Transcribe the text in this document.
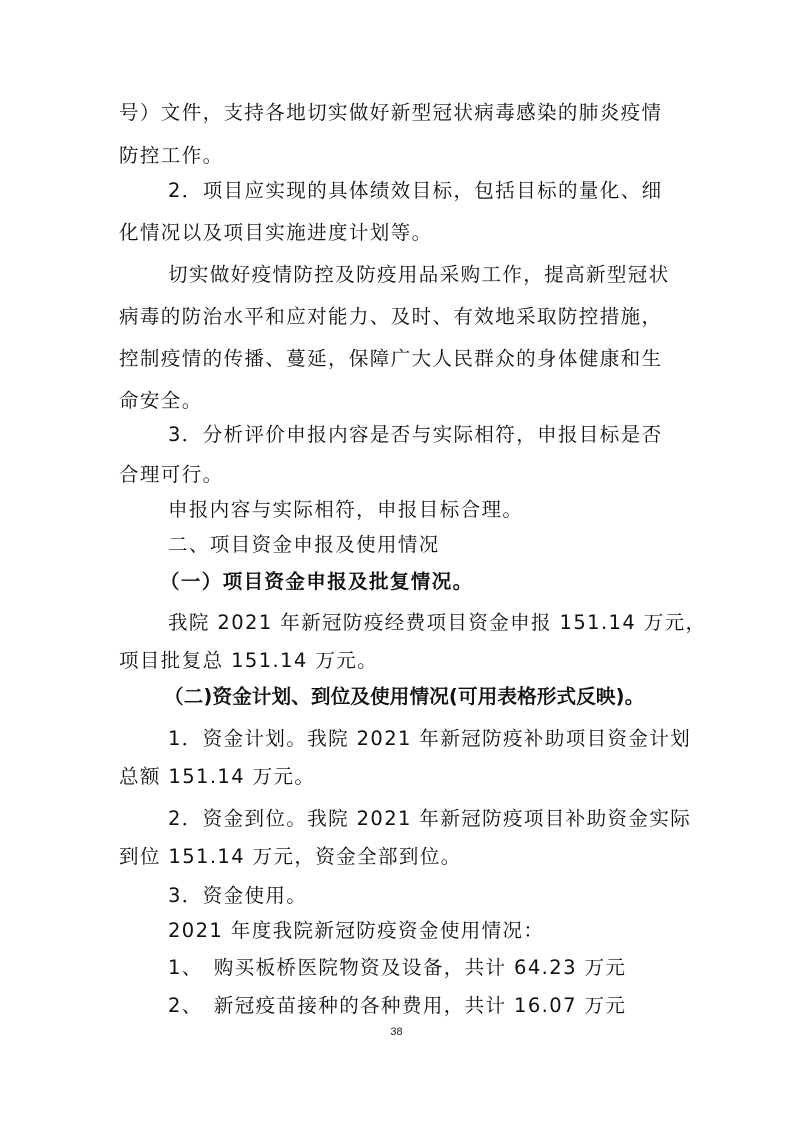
号）文件，支持各地切实做好新型冠状病毒感染的肺炎疫情
防控工作。
2．项目应实现的具体绩效目标，包括目标的量化、细
化情况以及项目实施进度计划等。
切实做好疫情防控及防疫用品采购工作，提高新型冠状
病毒的防治水平和应对能力、及时、有效地采取防控措施，
控制疫情的传播、蔓延，保障广大人民群众的身体健康和生
命安全。
3．分析评价申报内容是否与实际相符，申报目标是否
合理可行。
申报内容与实际相符，申报目标合理。
二、项目资金申报及使用情况
（一）项目资金申报及批复情况。
我院 2021 年新冠防疫经费项目资金申报 151.14 万元，
项目批复总 151.14 万元。
（二)资金计划、到位及使用情况(可用表格形式反映)。
1．资金计划。我院 2021 年新冠防疫补助项目资金计划
总额 151.14 万元。
2．资金到位。我院 2021 年新冠防疫项目补助资金实际
到位 151.14 万元，资金全部到位。
3．资金使用。
2021 年度我院新冠防疫资金使用情况：
1、　购买板桥医院物资及设备，共计 64.23 万元
2、　新冠疫苗接种的各种费用，共计 16.07 万元
38
